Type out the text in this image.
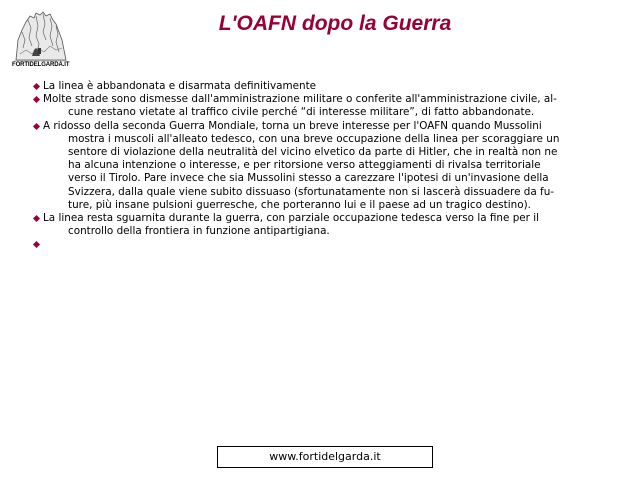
FORTIDELGARDA.IT
L'OAFN dopo la Guerra
La linea è abbandonata e disarmata definitivamente
Molte strade sono dismesse dall'amministrazione militare o conferite all'amministrazione civile, al-
cune restano vietate al traffico civile perché “di interesse militare”, di fatto abbandonate.
A ridosso della seconda Guerra Mondiale, torna un breve interesse per l'OAFN quando Mussolini
mostra i muscoli all'alleato tedesco, con una breve occupazione della linea per scoraggiare un
sentore di violazione della neutralità del vicino elvetico da parte di Hitler, che in realtà non ne
ha alcuna intenzione o interesse, e per ritorsione verso atteggiamenti di rivalsa territoriale
verso il Tirolo. Pare invece che sia Mussolini stesso a carezzare l'ipotesi di un'invasione della
Svizzera, dalla quale viene subito dissuaso (sfortunatamente non si lascerà dissuadere da fu-
ture, più insane pulsioni guerresche, che porteranno lui e il paese ad un tragico destino).
La linea resta sguarnita durante la guerra, con parziale occupazione tedesca verso la fine per il
controllo della frontiera in funzione antipartigiana.

www.fortidelgarda.it
